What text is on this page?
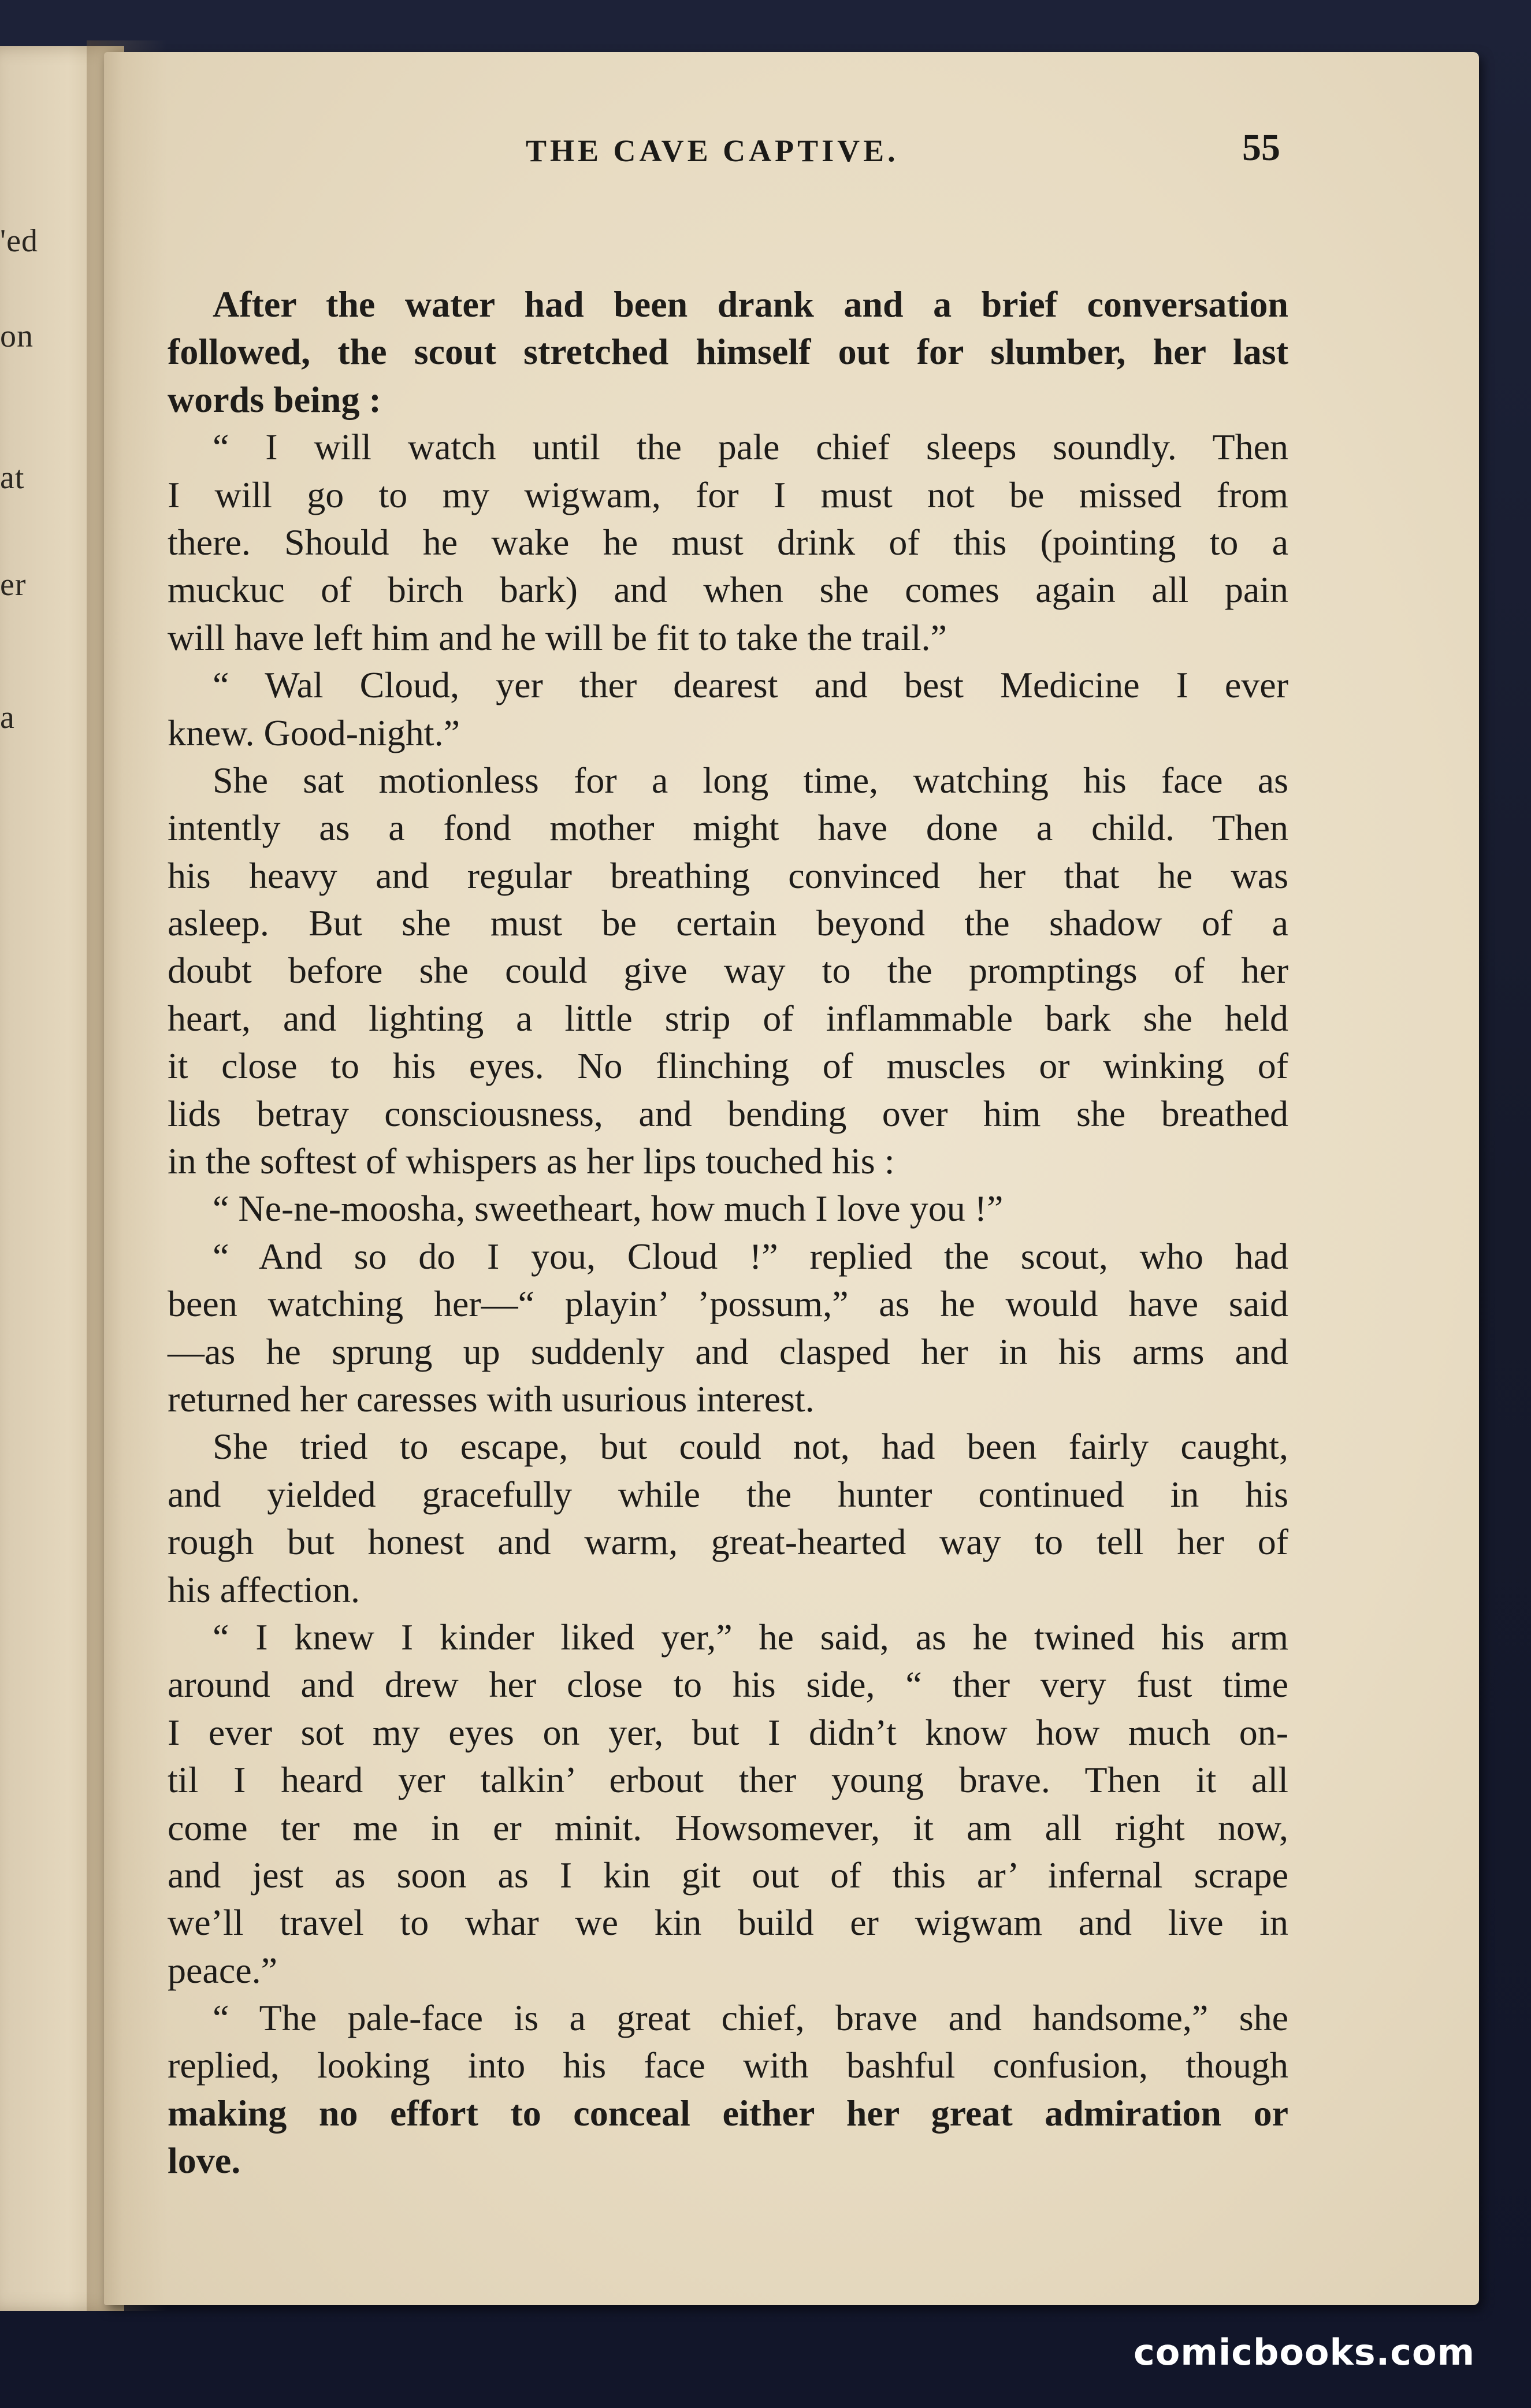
'ed
on
at
er
a
THE CAVE CAPTIVE.	55
After the water had been drank and a brief conversation
followed, the scout stretched himself out for slumber, her last
words being :
“ I will watch until the pale chief sleeps soundly. Then
I will go to my wigwam, for I must not be missed from
there. Should he wake he must drink of this (pointing to a
muckuc of birch bark) and when she comes again all pain
will have left him and he will be fit to take the trail.”
“ Wal Cloud, yer ther dearest and best Medicine I ever
knew. Good-night.”
She sat motionless for a long time, watching his face as
intently as a fond mother might have done a child. Then
his heavy and regular breathing convinced her that he was
asleep. But she must be certain beyond the shadow of a
doubt before she could give way to the promptings of her
heart, and lighting a little strip of inflammable bark she held
it close to his eyes. No flinching of muscles or winking of
lids betray consciousness, and bending over him she breathed
in the softest of whispers as her lips touched his :
“ Ne-ne-moosha, sweetheart, how much I love you !”
“ And so do I you, Cloud !” replied the scout, who had
been watching her—“ playin’ ’possum,” as he would have said
—as he sprung up suddenly and clasped her in his arms and
returned her caresses with usurious interest.
She tried to escape, but could not, had been fairly caught,
and yielded gracefully while the hunter continued in his
rough but honest and warm, great-hearted way to tell her of
his affection.
“ I knew I kinder liked yer,” he said, as he twined his arm
around and drew her close to his side, “ ther very fust time
I ever sot my eyes on yer, but I didn’t know how much on-
til I heard yer talkin’ erbout ther young brave. Then it all
come ter me in er minit. Howsomever, it am all right now,
and jest as soon as I kin git out of this ar’ infernal scrape
we’ll travel to whar we kin build er wigwam and live in
peace.”
“ The pale-face is a great chief, brave and handsome,” she
replied, looking into his face with bashful confusion, though
making no effort to conceal either her great admiration or
love.
comicbooks.com
